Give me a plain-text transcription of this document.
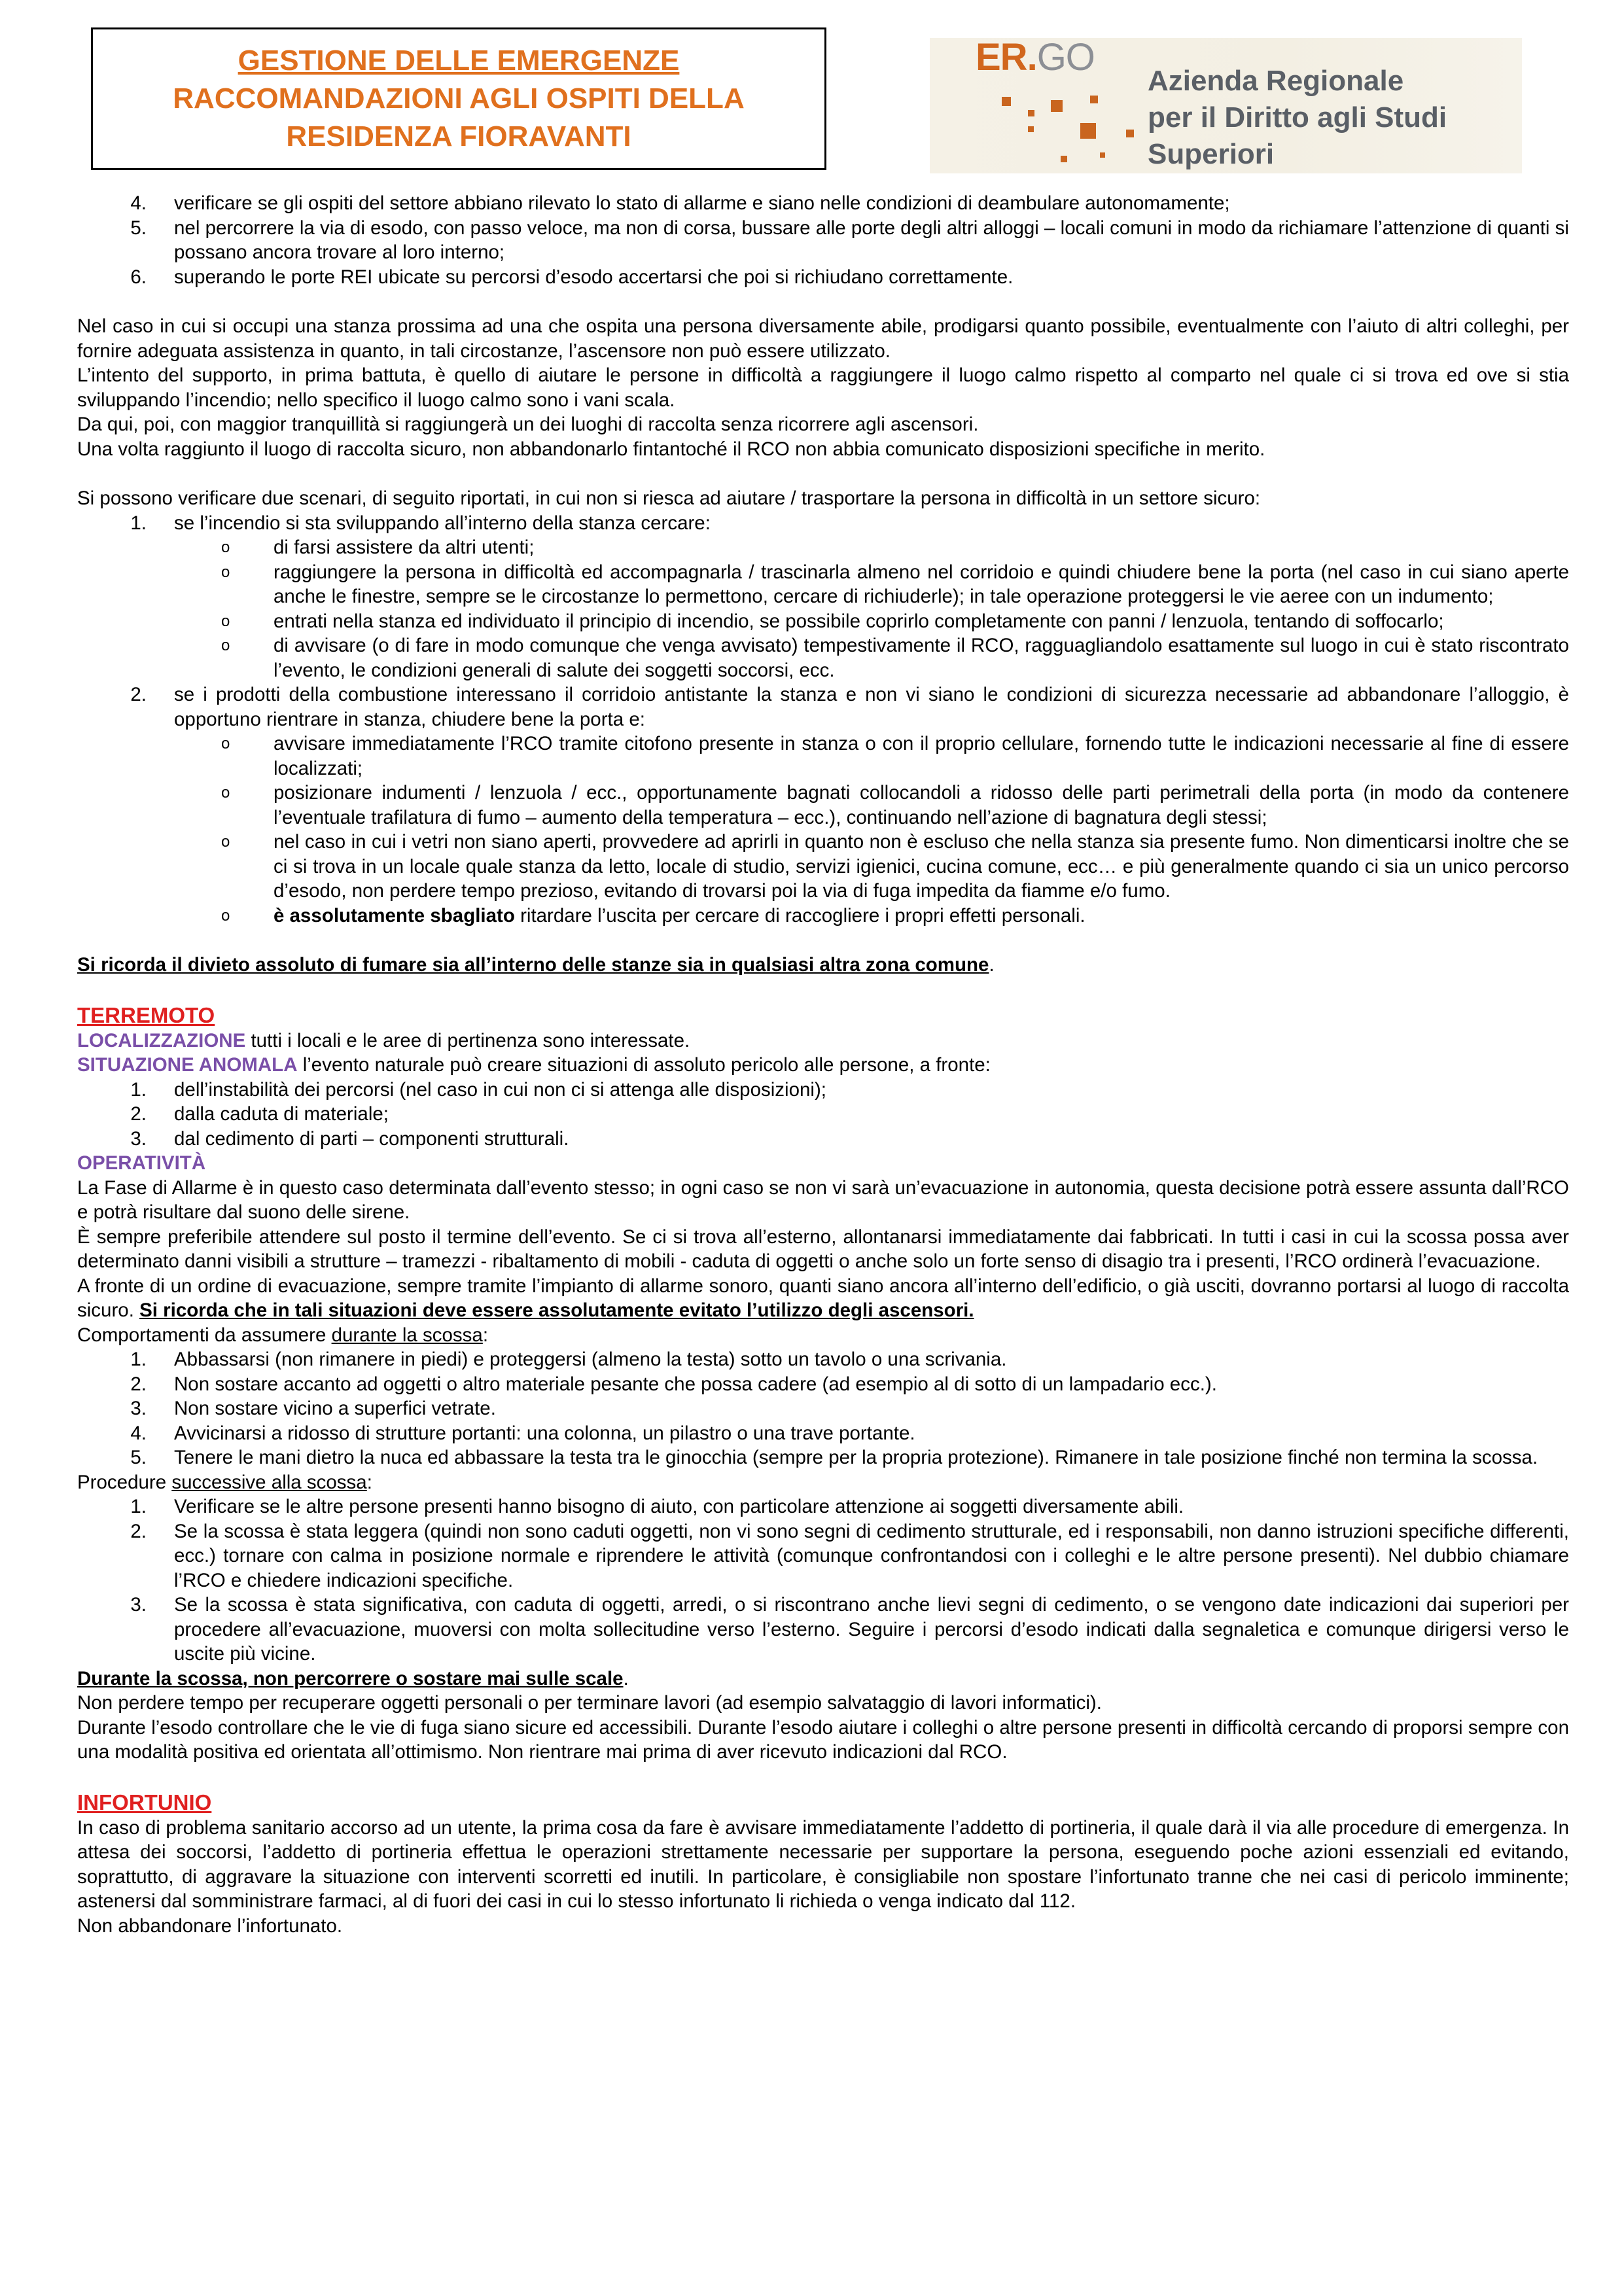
GESTIONE DELLE EMERGENZE
RACCOMANDAZIONI AGLI OSPITI DELLA
RESIDENZA FIORAVANTI
ER.GO
Azienda Regionale
per il Diritto agli Studi Superiori
4.	verificare se gli ospiti del settore abbiano rilevato lo stato di allarme e siano nelle condizioni di deambulare autonomamente;
5.	nel percorrere la via di esodo, con passo veloce, ma non di corsa, bussare alle porte degli altri alloggi – locali comuni in modo da richiamare l’attenzione di quanti si possano ancora trovare al loro interno;
6.	superando le porte REI ubicate su percorsi d’esodo accertarsi che poi si richiudano correttamente.

Nel caso in cui si occupi una stanza prossima ad una che ospita una persona diversamente abile, prodigarsi quanto possibile, eventualmente con l’aiuto di altri colleghi, per fornire adeguata assistenza in quanto, in tali circostanze, l’ascensore non può essere utilizzato.

L’intento del supporto, in prima battuta, è quello di aiutare le persone in difficoltà a raggiungere il luogo calmo rispetto al comparto nel quale ci si trova ed ove si stia sviluppando l’incendio; nello specifico il luogo calmo sono i vani scala.

Da qui, poi, con maggior tranquillità si raggiungerà un dei luoghi di raccolta senza ricorrere agli ascensori.

Una volta raggiunto il luogo di raccolta sicuro, non abbandonarlo fintantoché il RCO non abbia comunicato disposizioni specifiche in merito.

Si possono verificare due scenari, di seguito riportati, in cui non si riesca ad aiutare / trasportare la persona in difficoltà in un settore sicuro:

1.	se l’incendio si sta sviluppando all’interno della stanza cercare:
o	di farsi assistere da altri utenti;
o	raggiungere la persona in difficoltà ed accompagnarla / trascinarla almeno nel corridoio e quindi chiudere bene la porta (nel caso in cui siano aperte anche le finestre, sempre se le circostanze lo permettono, cercare di richiuderle); in tale operazione proteggersi le vie aeree con un indumento;
o	entrati nella stanza ed individuato il principio di incendio, se possibile coprirlo completamente con panni / lenzuola, tentando di soffocarlo;
o	di avvisare (o di fare in modo comunque che venga avvisato) tempestivamente il RCO, ragguagliandolo esattamente sul luogo in cui è stato riscontrato l’evento, le condizioni generali di salute dei soggetti soccorsi, ecc.
2.	se i prodotti della combustione interessano il corridoio antistante la stanza e non vi siano le condizioni di sicurezza necessarie ad abbandonare l’alloggio, è opportuno rientrare in stanza, chiudere bene la porta e:
o	avvisare immediatamente l’RCO tramite citofono presente in stanza o con il proprio cellulare, fornendo tutte le indicazioni necessarie al fine di essere localizzati;
o	posizionare indumenti / lenzuola / ecc., opportunamente bagnati collocandoli a ridosso delle parti perimetrali della porta (in modo da contenere l’eventuale trafilatura di fumo – aumento della temperatura – ecc.), continuando nell’azione di bagnatura degli stessi;
o	nel caso in cui i vetri non siano aperti, provvedere ad aprirli in quanto non è escluso che nella stanza sia presente fumo. Non dimenticarsi inoltre che se ci si trova in un locale quale stanza da letto, locale di studio, servizi igienici, cucina comune, ecc… e più generalmente quando ci sia un unico percorso d’esodo, non perdere tempo prezioso, evitando di trovarsi poi la via di fuga impedita da fiamme e/o fumo.
o	è assolutamente sbagliato ritardare l’uscita per cercare di raccogliere i propri effetti personali.

Si ricorda il divieto assoluto di fumare sia all’interno delle stanze sia in qualsiasi altra zona comune.

TERREMOTO

LOCALIZZAZIONE tutti i locali e le aree di pertinenza sono interessate.

SITUAZIONE ANOMALA l’evento naturale può creare situazioni di assoluto pericolo alle persone, a fronte:

1.	dell’instabilità dei percorsi (nel caso in cui non ci si attenga alle disposizioni);
2.	dalla caduta di materiale;
3.	dal cedimento di parti – componenti strutturali.

OPERATIVITÀ

La Fase di Allarme è in questo caso determinata dall’evento stesso; in ogni caso se non vi sarà un’evacuazione in autonomia, questa decisione potrà essere assunta dall’RCO e potrà risultare dal suono delle sirene.

È sempre preferibile attendere sul posto il termine dell’evento. Se ci si trova all’esterno, allontanarsi immediatamente dai fabbricati. In tutti i casi in cui la scossa possa aver determinato danni visibili a strutture – tramezzi - ribaltamento di mobili - caduta di oggetti o anche solo un forte senso di disagio tra i presenti, l’RCO ordinerà l’evacuazione.

A fronte di un ordine di evacuazione, sempre tramite l’impianto di allarme sonoro, quanti siano ancora all’interno dell’edificio, o già usciti, dovranno portarsi al luogo di raccolta sicuro. Si ricorda che in tali situazioni deve essere assolutamente evitato l’utilizzo degli ascensori.

Comportamenti da assumere durante la scossa:

1.	Abbassarsi (non rimanere in piedi) e proteggersi (almeno la testa) sotto un tavolo o una scrivania.
2.	Non sostare accanto ad oggetti o altro materiale pesante che possa cadere (ad esempio al di sotto di un lampadario ecc.).
3.	Non sostare vicino a superfici vetrate.
4.	Avvicinarsi a ridosso di strutture portanti: una colonna, un pilastro o una trave portante.
5.	Tenere le mani dietro la nuca ed abbassare la testa tra le ginocchia (sempre per la propria protezione). Rimanere in tale posizione finché non termina la scossa.

Procedure successive alla scossa:

1.	Verificare se le altre persone presenti hanno bisogno di aiuto, con particolare attenzione ai soggetti diversamente abili.
2.	Se la scossa è stata leggera (quindi non sono caduti oggetti, non vi sono segni di cedimento strutturale, ed i responsabili, non danno istruzioni specifiche differenti, ecc.) tornare con calma in posizione normale e riprendere le attività (comunque confrontandosi con i colleghi e le altre persone presenti). Nel dubbio chiamare l’RCO e chiedere indicazioni specifiche.
3.	Se la scossa è stata significativa, con caduta di oggetti, arredi, o si riscontrano anche lievi segni di cedimento, o se vengono date indicazioni dai superiori per procedere all’evacuazione, muoversi con molta sollecitudine verso l’esterno. Seguire i percorsi d’esodo indicati dalla segnaletica e comunque dirigersi verso le uscite più vicine.

Durante la scossa, non percorrere o sostare mai sulle scale.

Non perdere tempo per recuperare oggetti personali o per terminare lavori (ad esempio salvataggio di lavori informatici).

Durante l’esodo controllare che le vie di fuga siano sicure ed accessibili. Durante l’esodo aiutare i colleghi o altre persone presenti in difficoltà cercando di proporsi sempre con una modalità positiva ed orientata all’ottimismo. Non rientrare mai prima di aver ricevuto indicazioni dal RCO.

INFORTUNIO

In caso di problema sanitario accorso ad un utente, la prima cosa da fare è avvisare immediatamente l’addetto di portineria, il quale darà il via alle procedure di emergenza. In attesa dei soccorsi, l’addetto di portineria effettua le operazioni strettamente necessarie per supportare la persona, eseguendo poche azioni essenziali ed evitando, soprattutto, di aggravare la situazione con interventi scorretti ed inutili. In particolare, è consigliabile non spostare l’infortunato tranne che nei casi di pericolo imminente; astenersi dal somministrare farmaci, al di fuori dei casi in cui lo stesso infortunato li richieda o venga indicato dal 112.

Non abbandonare l’infortunato.
